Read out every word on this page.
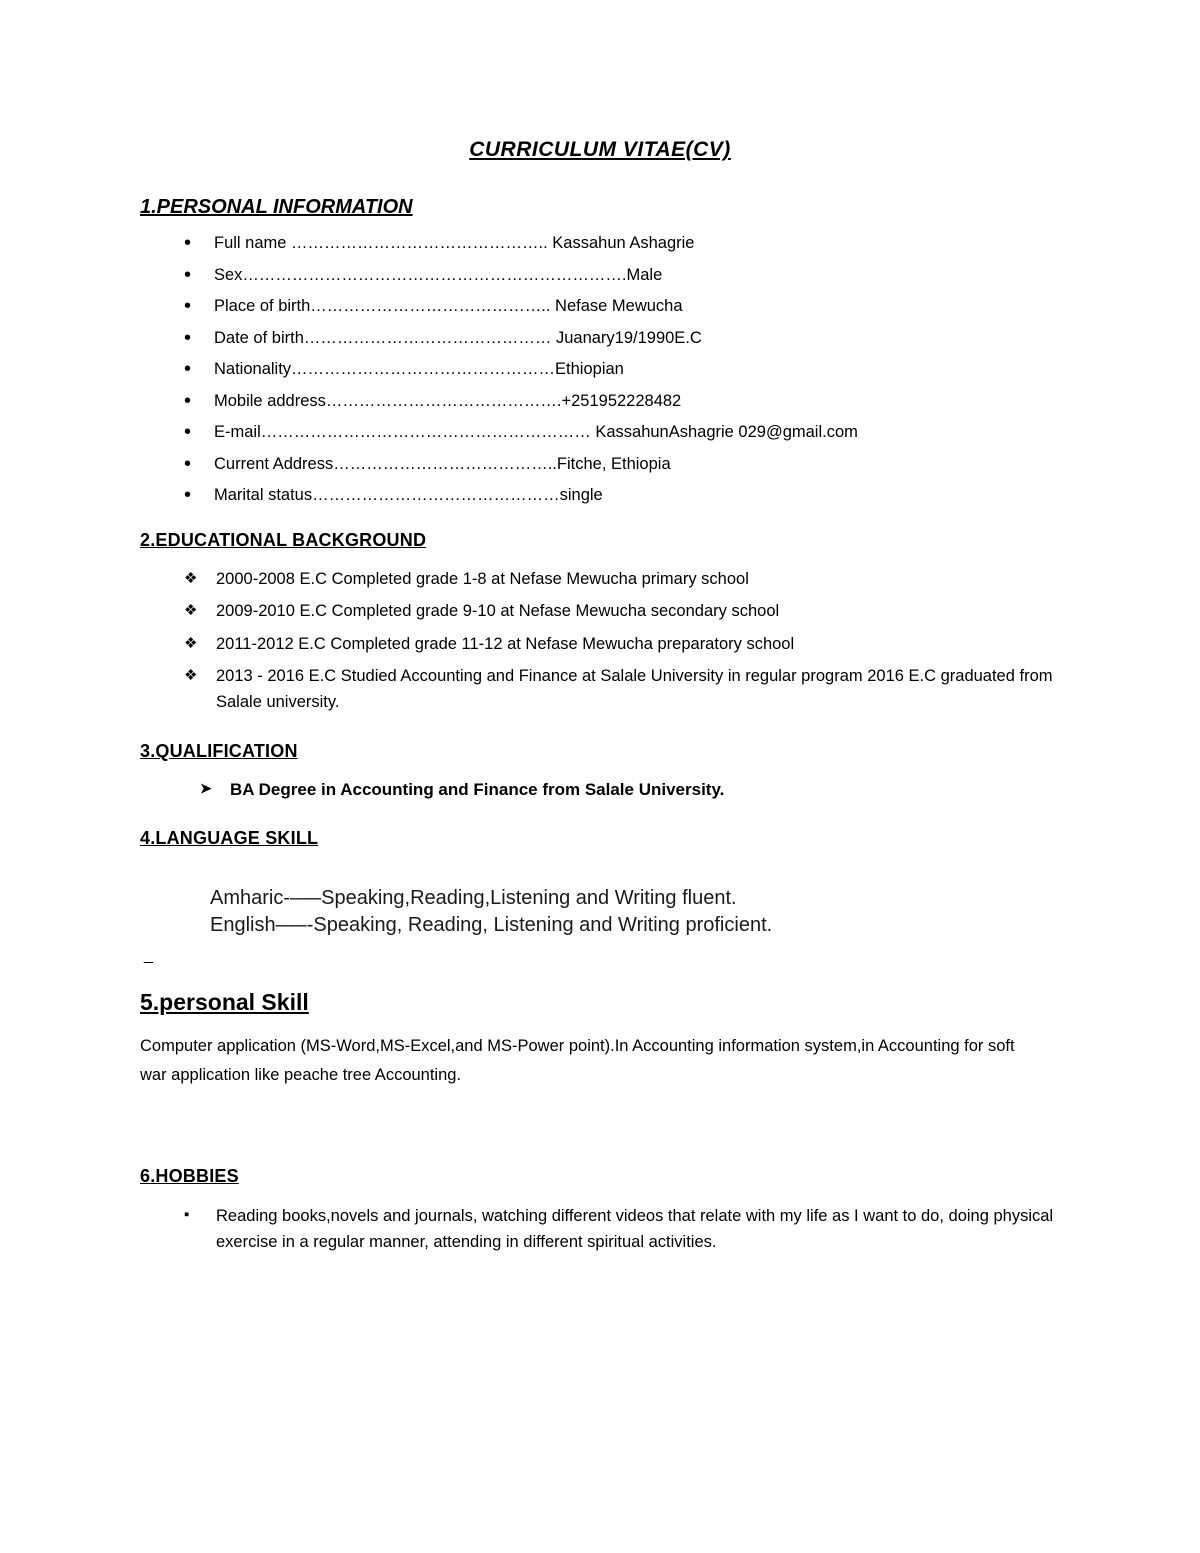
CURRICULUM VITAE(CV)
1.PERSONAL INFORMATION
• Full name ……………………………………….. Kassahun Ashagrie
• Sex…………………………………………………………….Male
• Place of birth…………………………………….. Nefase Mewucha
• Date of birth……………………………………… Juanary19/1990E.C
• Nationality…………………………………………Ethiopian
• Mobile address…………………………………….+251952228482
• E-mail…………………………………………………… KassahunAshagrie 029@gmail.com
• Current Address…………………………………..Fitche, Ethiopia
• Marital status………………………………………single
2.EDUCATIONAL BACKGROUND
❖ 2000-2008 E.C Completed grade 1-8 at Nefase Mewucha primary school
❖ 2009-2010 E.C Completed grade 9-10 at Nefase Mewucha secondary school
❖ 2011-2012 E.C Completed grade 11-12 at Nefase Mewucha preparatory school
❖ 2013 - 2016 E.C Studied Accounting and Finance at Salale University in regular program 2016 E.C graduated from Salale university.
3.QUALIFICATION
➤ BA Degree in Accounting and Finance from Salale University.
4.LANGUAGE SKILL
Amharic-–—Speaking,Reading,Listening and Writing fluent.
English—–-Speaking, Reading, Listening and Writing proficient.
_
5.personal Skill

Computer application (MS-Word,MS-Excel,and MS-Power point).In Accounting information system,in Accounting for soft war application like peache tree Accounting.

6.HOBBIES
▪ Reading books,novels and journals, watching different videos that relate with my life as I want to do, doing physical exercise in a regular manner, attending in different spiritual activities.
